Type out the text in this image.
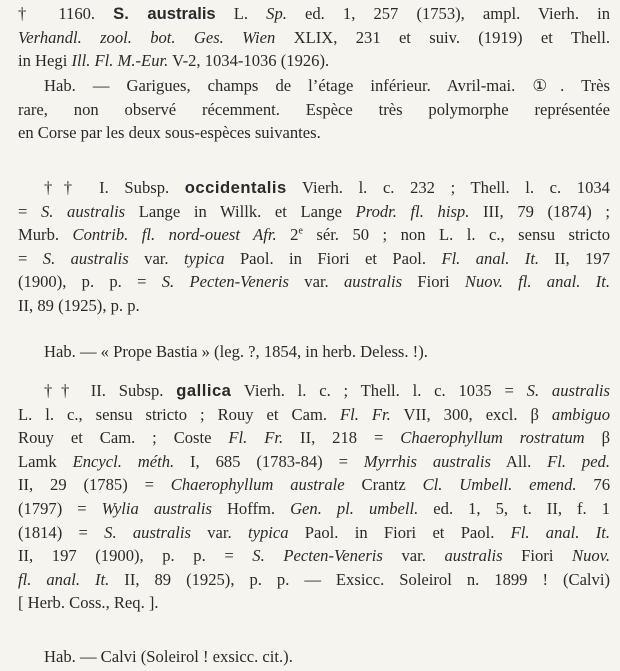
† 1160. S. australis L. Sp. ed. 1, 257 (1753), ampl. Vierh. in
Verhandl. zool. bot. Ges. Wien XLIX, 231 et suiv. (1919) et Thell.
in Hegi Ill. Fl. M.-Eur. V-2, 1034-1036 (1926).
Hab. — Garigues, champs de l’étage inférieur. Avril-mai. ①. Très
rare, non observé récemment. Espèce très polymorphe représentée
en Corse par les deux sous-espèces suivantes.
†† I. Subsp. occidentalis Vierh. l. c. 232 ; Thell. l. c. 1034
= S. australis Lange in Willk. et Lange Prodr. fl. hisp. III, 79 (1874) ;
Murb. Contrib. fl. nord-ouest Afr. 2e sér. 50 ; non L. l. c., sensu stricto
= S. australis var. typica Paol. in Fiori et Paol. Fl. anal. It. II, 197
(1900), p. p. = S. Pecten-Veneris var. australis Fiori Nuov. fl. anal. It.
II, 89 (1925), p. p.
Hab. — « Prope Bastia » (leg. ?, 1854, in herb. Deless. !).
†† II. Subsp. gallica Vierh. l. c. ; Thell. l. c. 1035 = S. australis
L. l. c., sensu stricto ; Rouy et Cam. Fl. Fr. VII, 300, excl. β ambiguo
Rouy et Cam. ; Coste Fl. Fr. II, 218 = Chaerophyllum rostratum β
Lamk Encycl. méth. I, 685 (1783-84) = Myrrhis australis All. Fl. ped.
II, 29 (1785) = Chaerophyllum australe Crantz Cl. Umbell. emend. 76
(1797) = Wylia australis Hoffm. Gen. pl. umbell. ed. 1, 5, t. II, f. 1
(1814) = S. australis var. typica Paol. in Fiori et Paol. Fl. anal. It.
II, 197 (1900), p. p. = S. Pecten-Veneris var. australis Fiori Nuov.
fl. anal. It. II, 89 (1925), p. p. — Exsicc. Soleirol n. 1899 ! (Calvi)
[ Herb. Coss., Req. ].
Hab. — Calvi (Soleirol ! exsicc. cit.).
